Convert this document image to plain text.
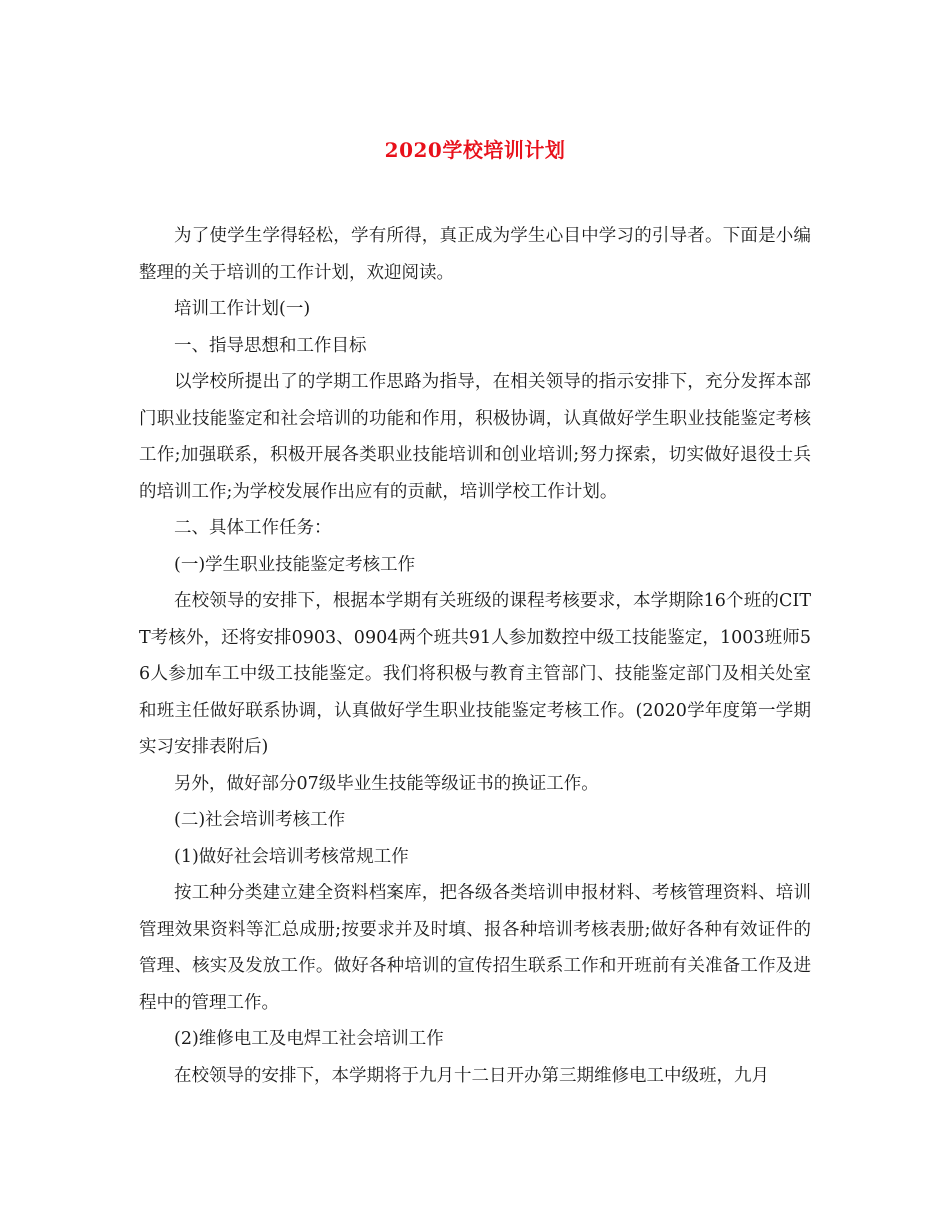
2020学校培训计划

为了使学生学得轻松，学有所得，真正成为学生心目中学习的引导者。下面是小编整理的关于培训的工作计划，欢迎阅读。

培训工作计划(一)

一、指导思想和工作目标

以学校所提出了的学期工作思路为指导，在相关领导的指示安排下，充分发挥本部门职业技能鉴定和社会培训的功能和作用，积极协调，认真做好学生职业技能鉴定考核工作;加强联系，积极开展各类职业技能培训和创业培训;努力探索，切实做好退役士兵的培训工作;为学校发展作出应有的贡献，培训学校工作计划。

二、具体工作任务：

(一)学生职业技能鉴定考核工作

在校领导的安排下，根据本学期有关班级的课程考核要求，本学期除16个班的CITT考核外，还将安排0903、0904两个班共91人参加数控中级工技能鉴定，1003班师56人参加车工中级工技能鉴定。我们将积极与教育主管部门、技能鉴定部门及相关处室和班主任做好联系协调，认真做好学生职业技能鉴定考核工作。(2020学年度第一学期实习安排表附后)

另外，做好部分07级毕业生技能等级证书的换证工作。

(二)社会培训考核工作

(1)做好社会培训考核常规工作

按工种分类建立建全资料档案库，把各级各类培训申报材料、考核管理资料、培训管理效果资料等汇总成册;按要求并及时填、报各种培训考核表册;做好各种有效证件的管理、核实及发放工作。做好各种培训的宣传招生联系工作和开班前有关准备工作及进程中的管理工作。

(2)维修电工及电焊工社会培训工作

在校领导的安排下，本学期将于九月十二日开办第三期维修电工中级班，九月
